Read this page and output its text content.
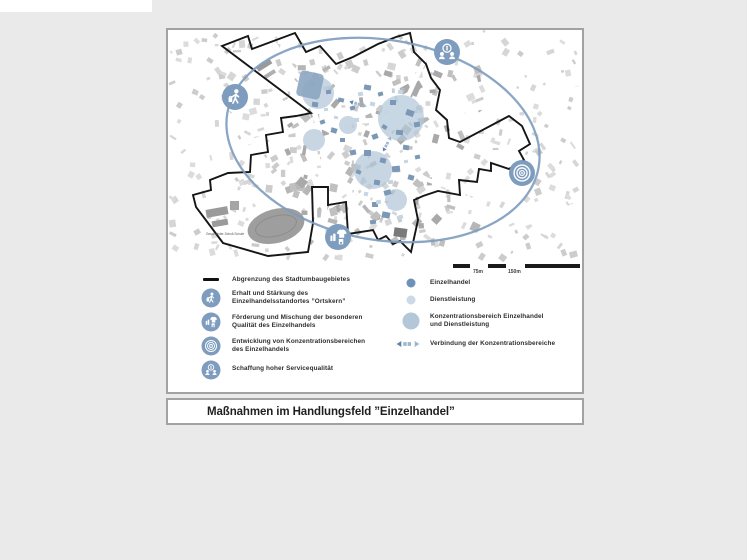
Geschwister-Scholl-Schule
75m	150m
Abgrenzung des Stadtumbaugebietes
Erhalt und Stärkung des
Einzelhandelsstandortes ”Ortskern”
Förderung und Mischung der besonderen
Qualität des Einzelhandels
Entwicklung von Konzentrationsbereichen
des Einzelhandels
Schaffung hoher Servicequalität
Einzelhandel
Dienstleistung
Konzentrationsbereich Einzelhandel
und Dienstleistung
Verbindung der Konzentrationsbereiche
Maßnahmen im Handlungsfeld ”Einzelhandel”
